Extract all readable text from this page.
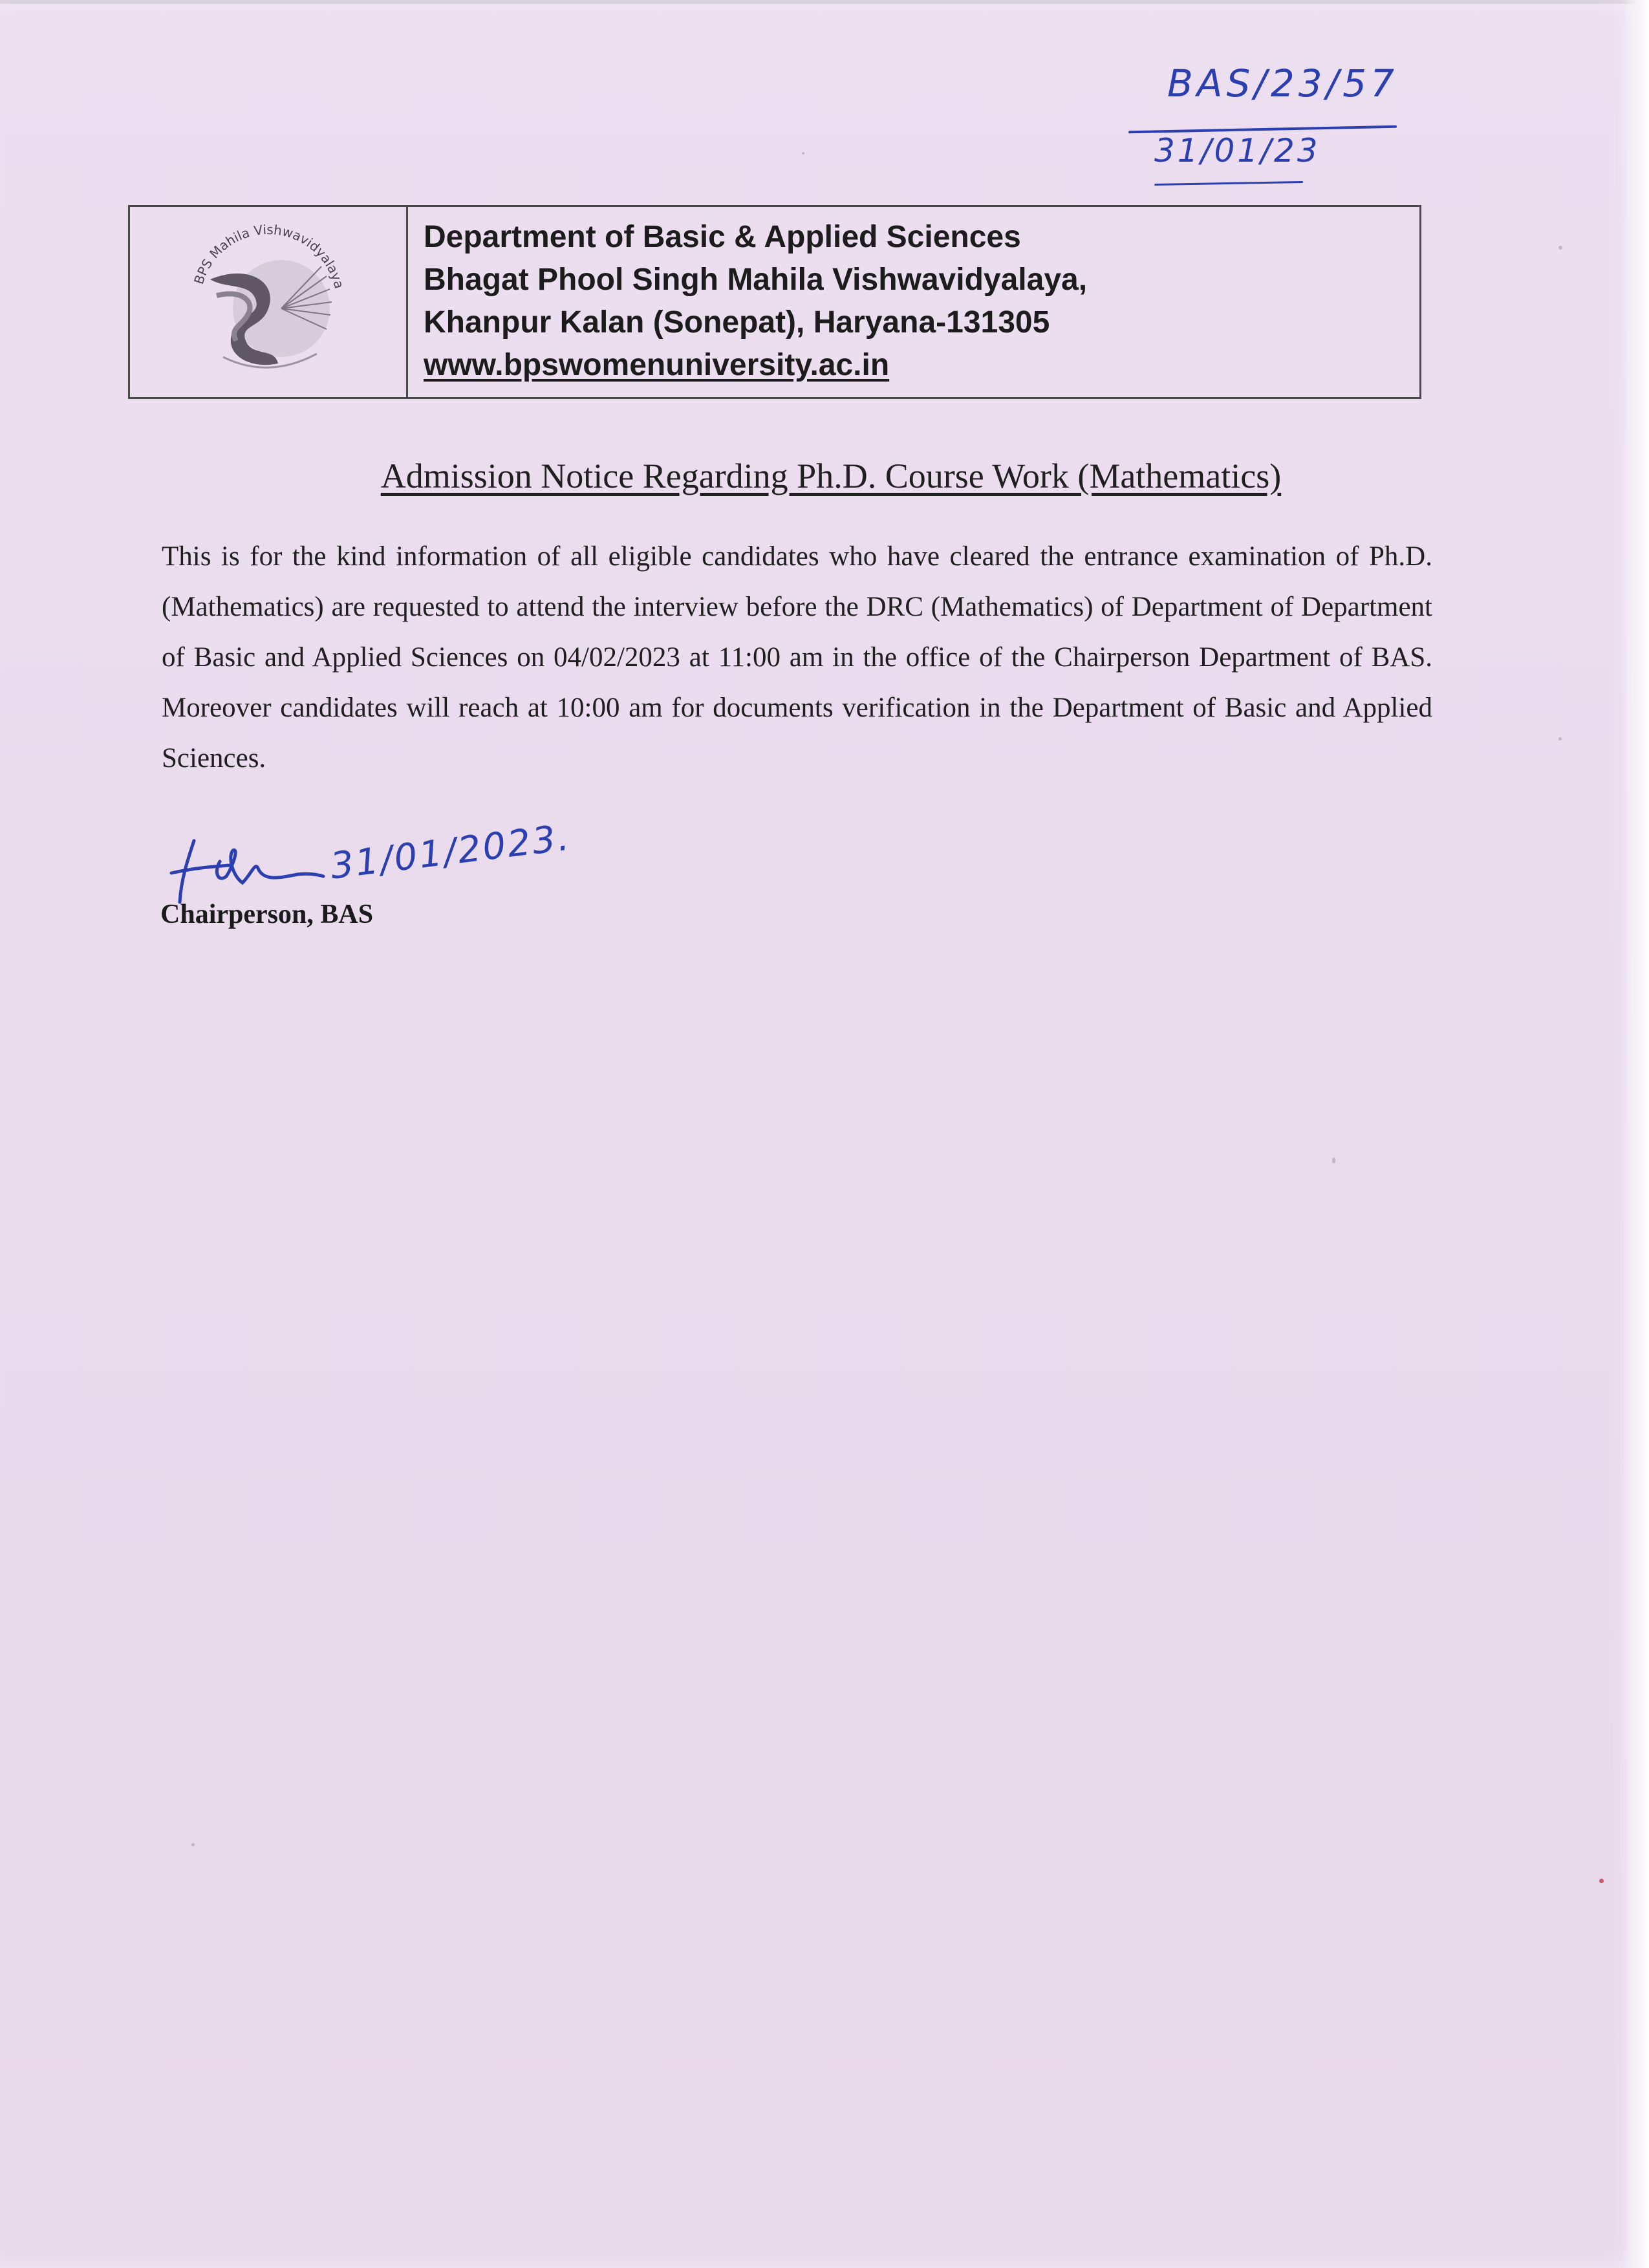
BAS/23/57
31/01/23
BPS Mahila Vishwavidyalaya
Department of Basic & Applied Sciences
Bhagat Phool Singh Mahila Vishwavidyalaya,
Khanpur Kalan (Sonepat), Haryana-131305
www.bpswomenuniversity.ac.in
Admission Notice Regarding Ph.D. Course Work (Mathematics)
This is for the kind information of all eligible candidates who have cleared the entrance examination of Ph.D. (Mathematics) are requested to attend the interview before the DRC (Mathematics) of Department of Department of Basic and Applied Sciences on 04/02/2023 at 11:00 am in the office of the Chairperson Department of BAS. Moreover candidates will reach at 10:00 am for documents verification in the Department of Basic and Applied Sciences.
31/01/2023.
Chairperson, BAS
